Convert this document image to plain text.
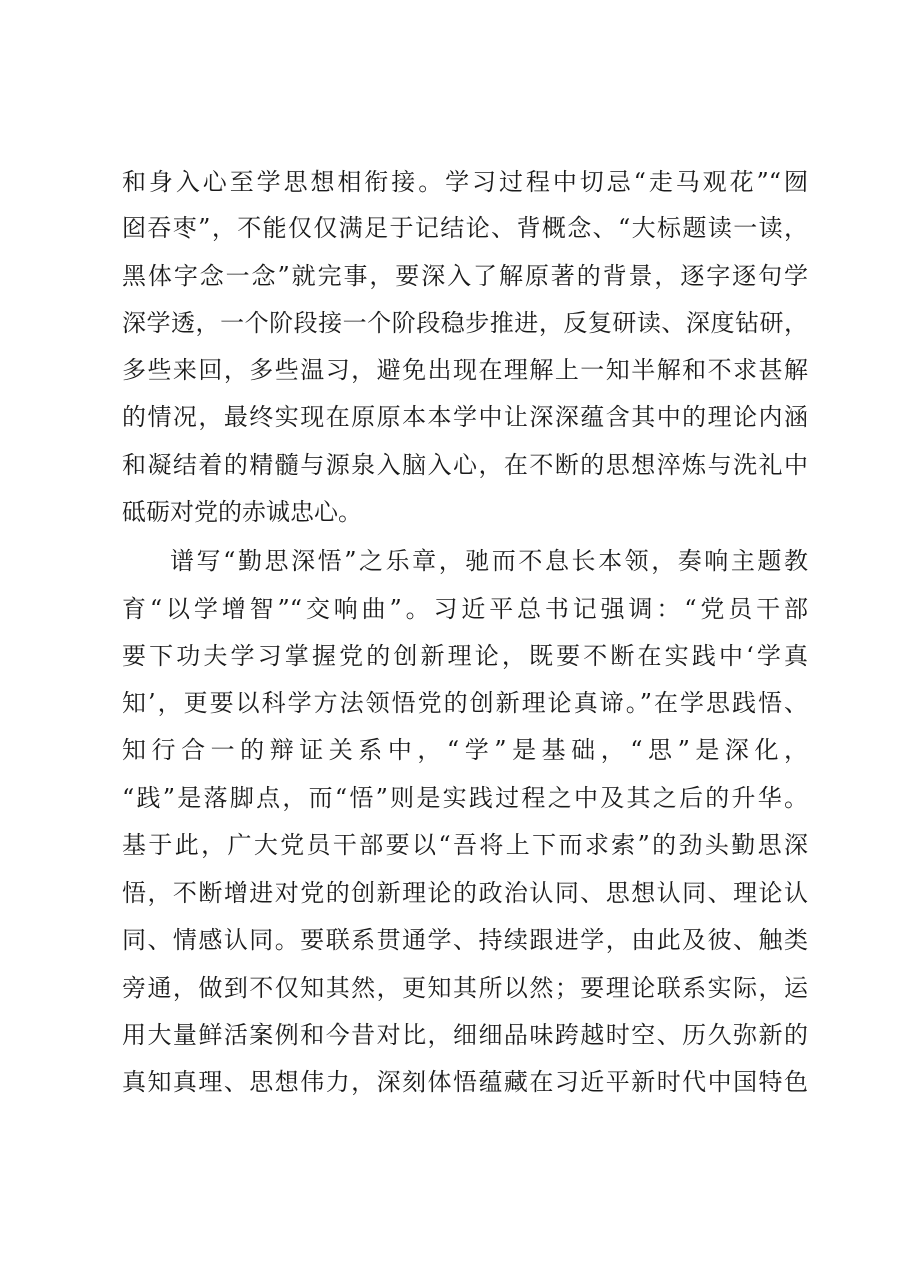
和身入心至学思想相衔接。学习过程中切忌“走马观花”“囫
囵吞枣”，不能仅仅满足于记结论、背概念、“大标题读一读，
黑体字念一念”就完事，要深入了解原著的背景，逐字逐句学
深学透，一个阶段接一个阶段稳步推进，反复研读、深度钻研，
多些来回，多些温习，避免出现在理解上一知半解和不求甚解
的情况，最终实现在原原本本学中让深深蕴含其中的理论内涵
和凝结着的精髓与源泉入脑入心，在不断的思想淬炼与洗礼中
砥砺对党的赤诚忠心。
谱写“勤思深悟”之乐章，驰而不息长本领，奏响主题教
育“以学增智”“交响曲”。习近平总书记强调：“党员干部
要下功夫学习掌握党的创新理论，既要不断在实践中‘学真
知’，更要以科学方法领悟党的创新理论真谛。”在学思践悟、
知行合一的辩证关系中，“学”是基础，“思”是深化，
“践”是落脚点，而“悟”则是实践过程之中及其之后的升华。
基于此，广大党员干部要以“吾将上下而求索”的劲头勤思深
悟，不断增进对党的创新理论的政治认同、思想认同、理论认
同、情感认同。要联系贯通学、持续跟进学，由此及彼、触类
旁通，做到不仅知其然，更知其所以然；要理论联系实际，运
用大量鲜活案例和今昔对比，细细品味跨越时空、历久弥新的
真知真理、思想伟力，深刻体悟蕴藏在习近平新时代中国特色
